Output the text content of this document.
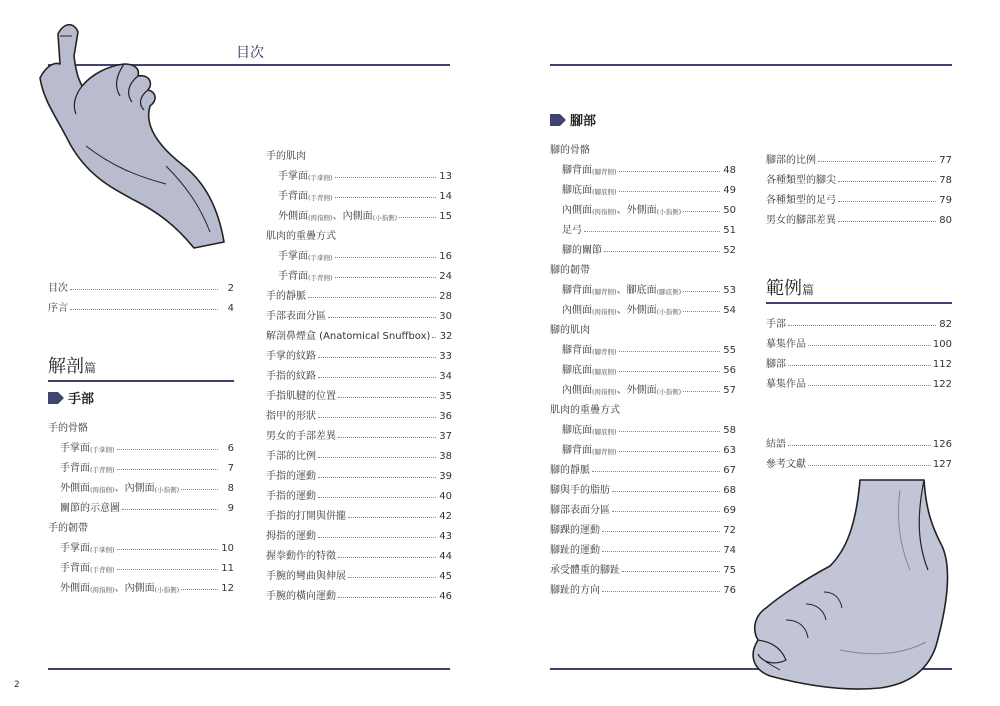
目次
2
目次	2
序言	4
解剖篇
手部
手的骨骼
手掌面 (手掌側)	6
手背面 (手背側)	7
外側面 (拇指側) 、內側面 (小指側)	8
關節的示意圖	9
手的韌帶
手掌面 (手掌側)	10
手背面 (手背側)	11
外側面 (拇指側) 、內側面 (小指側)	12
手的肌肉
手掌面 (手掌側)	13
手背面 (手背側)	14
外側面 (拇指側) 、內側面 (小指側)	15
肌肉的重疊方式
手掌面 (手掌側)	16
手背面 (手背側)	24
手的靜脈	28
手部表面分區	30
解剖鼻煙盒 (Anatomical Snuffbox) 32
手掌的紋路	33
手指的紋路	34
手指肌腱的位置	35
指甲的形狀	36
男女的手部差異	37
手部的比例	38
手指的運動	39
手指的運動	40
手指的打開與併攏	42
拇指的運動	43
握拳動作的特徵	44
手腕的彎曲與伸展	45
手腕的橫向運動	46
腳部
腳的骨骼
腳背面 (腳背側)	48
腳底面 (腳底側)	49
內側面 (拇指側) 、外側面 (小指側)	50
足弓	51
腳的關節	52
腳的韌帶
腳背面 (腳背側) 、腳底面 (腳底側)	53
內側面 (拇指側) 、外側面 (小指側)	54
腳的肌肉
腳背面 (腳背側)	55
腳底面 (腳底側)	56
內側面 (拇指側) 、外側面 (小指側)	57
肌肉的重疊方式
腳底面 (腳底側)	58
腳背面 (腳背側)	63
腳的靜脈	67
腳與手的脂肪	68
腳部表面分區	69
腳踝的運動	72
腳趾的運動	74
承受體重的腳趾	75
腳趾的方向	76
腳部的比例	77
各種類型的腳尖	78
各種類型的足弓	79
男女的腳部差異	80
範例篇
手部	82
摹集作品	100
腳部	112
摹集作品	122
結語	126
參考文獻	127
